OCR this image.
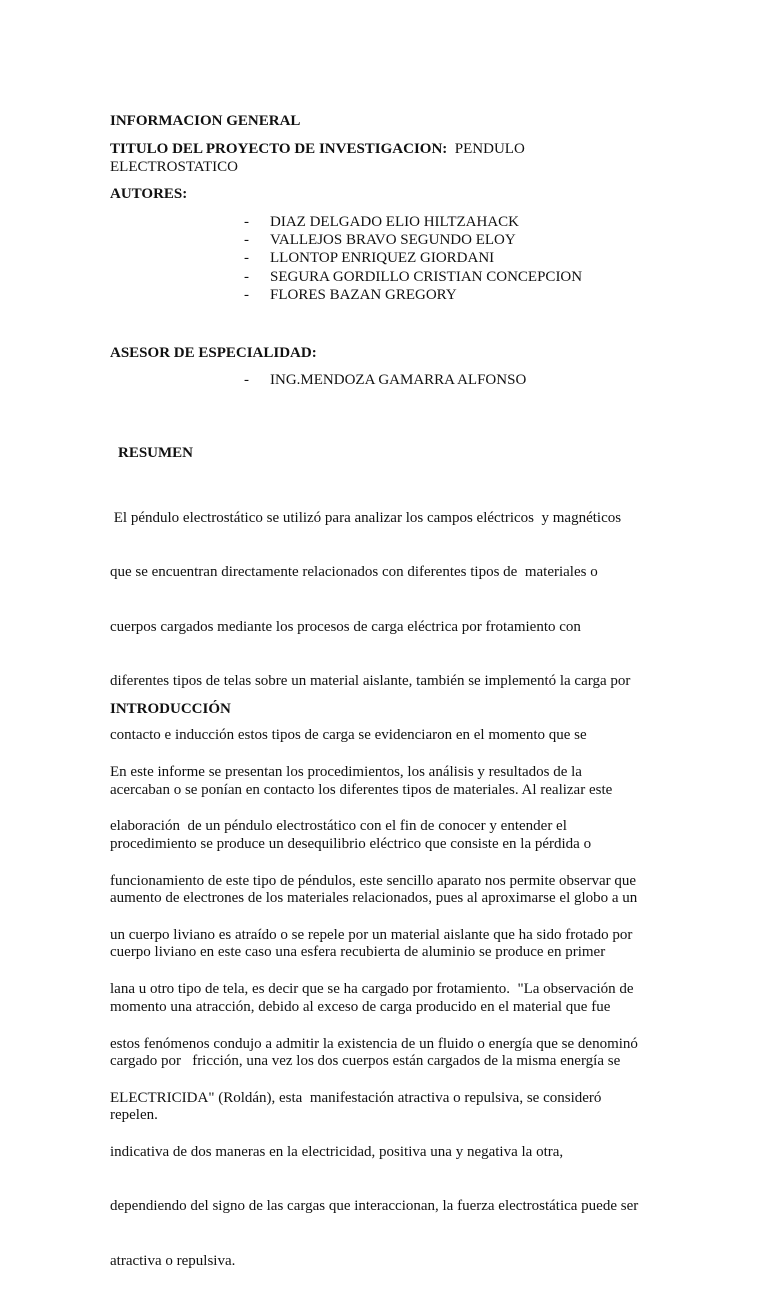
INFORMACION GENERAL
TITULO DEL PROYECTO DE INVESTIGACION: PENDULO
ELECTROSTATICO
AUTORES:
- DIAZ DELGADO ELIO HILTZAHACK
- VALLEJOS BRAVO SEGUNDO ELOY
- LLONTOP ENRIQUEZ GIORDANI
- SEGURA GORDILLO CRISTIAN CONCEPCION
- FLORES BAZAN GREGORY
ASESOR DE ESPECIALIDAD:
- ING.MENDOZA GAMARRA ALFONSO
RESUMEN

El péndulo electrostático se utilizó para analizar los campos eléctricos  y magnéticos

que se encuentran directamente relacionados con diferentes tipos de  materiales o

cuerpos cargados mediante los procesos de carga eléctrica por frotamiento con

diferentes tipos de telas sobre un material aislante, también se implementó la carga por

contacto e inducción estos tipos de carga se evidenciaron en el momento que se

acercaban o se ponían en contacto los diferentes tipos de materiales. Al realizar este

procedimiento se produce un desequilibrio eléctrico que consiste en la pérdida o

aumento de electrones de los materiales relacionados, pues al aproximarse el globo a un

cuerpo liviano en este caso una esfera recubierta de aluminio se produce en primer

momento una atracción, debido al exceso de carga producido en el material que fue

cargado por   fricción, una vez los dos cuerpos están cargados de la misma energía se

repelen.

INTRODUCCIÓN

En este informe se presentan los procedimientos, los análisis y resultados de la

elaboración  de un péndulo electrostático con el fin de conocer y entender el

funcionamiento de este tipo de péndulos, este sencillo aparato nos permite observar que

un cuerpo liviano es atraído o se repele por un material aislante que ha sido frotado por

lana u otro tipo de tela, es decir que se ha cargado por frotamiento.  "La observación de

estos fenómenos condujo a admitir la existencia de un fluido o energía que se denominó

ELECTRICIDA" (Roldán), esta  manifestación atractiva o repulsiva, se consideró

indicativa de dos maneras en la electricidad, positiva una y negativa la otra,

dependiendo del signo de las cargas que interaccionan, la fuerza electrostática puede ser

atractiva o repulsiva.
